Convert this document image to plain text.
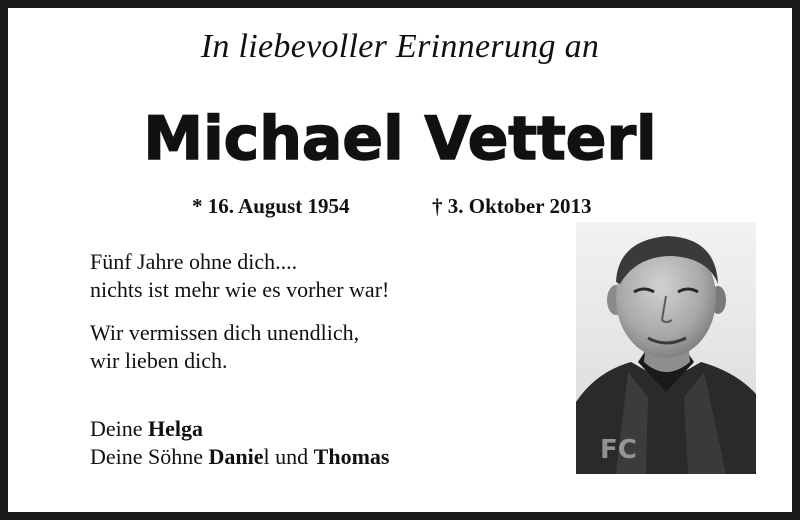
In liebevoller Erinnerung an
Michael Vetterl
* 16. August 1954	† 3. Oktober 2013
Fünf Jahre ohne dich....
nichts ist mehr wie es vorher war!
Wir vermissen dich unendlich,
wir lieben dich.
Deine Helga
Deine Söhne Daniel und Thomas	FC
